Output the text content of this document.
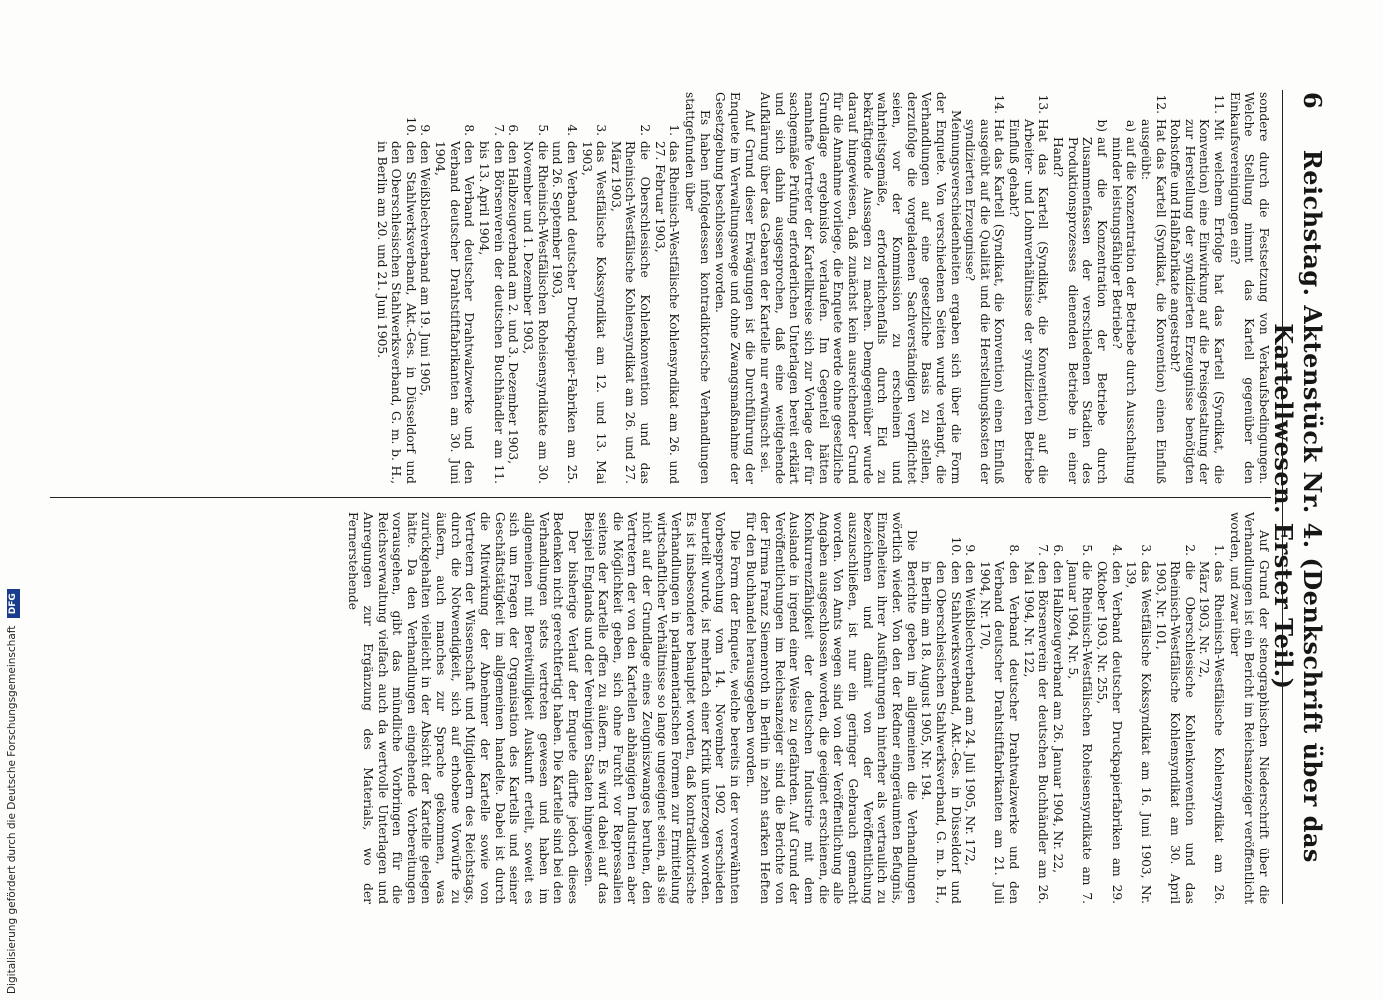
6
Reichstag. Aktenstück Nr. 4. (Denkschrift über das Kartellwesen. Erster Teil.)

sondere durch die Festsetzung von Verkaufsbedingungen. Welche Stellung nimmt das Kartell gegenüber den Einkaufsvereinigungen ein?

11.
Mit welchem Erfolge hat das Kartell (Syndikat, die Konvention) eine Einwirkung auf die Preisgestaltung der zur Herstellung der syndizierten Erzeugnisse benötigten Rohstoffe und Halbfabrikate angestrebt?
12.
Hat das Kartell (Syndikat, die Konvention) einen Einfluß ausgeübt:
a)
auf die Konzentration der Betriebe durch Ausschaltung minder leistungsfähiger Betriebe?
b)
auf die Konzentration der Betriebe durch Zusammenfassen der verschiedenen Stadien des Produktionsprozesses dienenden Betriebe in einer Hand?
13.
Hat das Kartell (Syndikat, die Konvention) auf die Arbeiter- und Lohnverhältnisse der syndizierten Betriebe Einfluß gehabt?
14.
Hat das Kartell (Syndikat, die Konvention) einen Einfluß ausgeübt auf die Qualität und die Herstellungskosten der syndizierten Erzeugnisse?

Meinungsverschiedenheiten ergaben sich über die Form der Enquete. Von verschiedenen Seiten wurde verlangt, die Verhandlungen auf eine gesetzliche Basis zu stellen, derzufolge die vorgeladenen Sachverständigen verpflichtet seien, vor der Kommission zu erscheinen und wahrheitsgemäße, erforderlichenfalls durch Eid zu bekräftigende Aussagen zu machen. Demgegenüber wurde darauf hingewiesen, daß zunächst kein ausreichender Grund für die Annahme vorliege, die Enquete werde ohne gesetzliche Grundlage ergebnislos verlaufen. Im Gegenteil hätten namhafte Vertreter der Kartellkreise sich zur Vorlage der für sachgemäße Prüfung erforderlichen Unterlagen bereit erklärt und sich dahin ausgesprochen, daß eine weitgehende Aufklärung über das Gebaren der Kartelle nur erwünscht sei.

Auf Grund dieser Erwägungen ist die Durchführung der Enquete im Verwaltungswege und ohne Zwangsmaßnahme der Gesetzgebung beschlossen worden.

Es haben infolgedessen kontradiktorische Verhandlungen stattgefunden über

1.
das Rheinisch-Westfälische Kohlensyndikat am 26. und 27. Februar 1903,
2.
die Oberschlesische Kohlenkonvention und das Rheinisch-Westfälische Kohlensyndikat am 26. und 27. März 1903,
3.
das Westfälische Kokssyndikat am 12. und 13. Mai 1903,
4.
den Verband deutscher Druckpapier-Fabriken am 25. und 26. September 1903,
5.
die Rheinisch-Westfälischen Roheisensyndikate am 30. November und 1. Dezember 1903,
6.
den Halbzeugverband am 2. und 3. Dezember 1903,
7.
den Börsenverein der deutschen Buchhändler am 11. bis 13. April 1904,
8.
den Verband deutscher Drahtwalzwerke und den Verband deutscher Drahtstiftfabrikanten am 30. Juni 1904,
9.
den Weißblechverband am 19. Juni 1905,
10.
den Stahlwerksverband, Akt.-Ges. in Düsseldorf und den Oberschlesischen Stahlwerksverband, G. m. b. H., in Berlin am 20. und 21. Juni 1905.

Auf Grund der stenographischen Niederschrift über die Verhandlungen ist ein Bericht im Reichsanzeiger veröffentlicht worden, und zwar über

1.
das Rheinisch-Westfälische Kohlensyndikat am 26. März 1903, Nr. 72,
2.
die Oberschlesische Kohlenkonvention und das Rheinisch-Westfälische Kohlensyndikat am 30. April 1903, Nr. 101,
3.
das Westfälische Kokssyndikat am 16. Juni 1903, Nr. 139,
4.
den Verband deutscher Druckpapierfabriken am 29. Oktober 1903, Nr. 255,
5.
die Rheinisch-Westfälischen Roheisensyndikate am 7. Januar 1904, Nr. 5,
6.
den Halbzeugverband am 26. Januar 1904, Nr. 22,
7.
den Börsenverein der deutschen Buchhändler am 26. Mai 1904, Nr. 122,
8.
den Verband deutscher Drahtwalzwerke und den Verband deutscher Drahtstiftfabrikanten am 21. Juli 1904, Nr. 170,
9.
den Weißblechverband am 24. Juli 1905, Nr. 172,
10.
den Stahlwerksverband, Akt.-Ges. in Düsseldorf und den Oberschlesischen Stahlwerksverband, G. m. b. H., in Berlin am 18. August 1905, Nr. 194.

Die Berichte geben im allgemeinen die Verhandlungen wörtlich wieder. Von den der Redner eingeräumten Befugnis, Einzelheiten ihrer Ausführungen hinterher als vertraulich zu bezeichnen und damit von der Veröffentlichung auszuschließen, ist nur ein geringer Gebrauch gemacht worden. Von Amts wegen sind von der Veröffentlichung alle Angaben ausgeschlossen worden, die geeignet erschienen, die Konkurrenzfähigkeit der deutschen Industrie mit dem Auslande in irgend einer Weise zu gefährden. Auf Grund der Veröffentlichungen im Reichsanzeiger sind die Berichte von der Firma Franz Siemenroth in Berlin in zehn starken Heften für den Buchhandel herausgegeben worden.

Die Form der Enquete, welche bereits in der vorerwähnten Vorbesprechung vom 14. November 1902 verschieden beurteilt wurde, ist mehrfach einer Kritik unterzogen worden. Es ist insbesondere behauptet worden, daß kontradiktorische Verhandlungen in parlamentarischen Formen zur Ermittelung wirtschaftlicher Verhältnisse so lange ungeeignet seien, als sie nicht auf der Grundlage eines Zeugniszwanges beruhen, den Vertretern der von den Kartellen abhängigen Industrien aber die Möglichkeit geben, sich ohne Furcht vor Repressalien seitens der Kartelle offen zu äußern. Es wird dabei auf das Beispiel Englands und der Vereinigten Staaten hingewiesen.

Der bisherige Verlauf der Enquete dürfte jedoch dieses Bedenken nicht gerechtfertigt haben. Die Kartelle sind bei den Verhandlungen stets vertreten gewesen und haben im allgemeinen mit Bereitwilligkeit Auskunft erteilt, soweit es sich um Fragen der Organisation des Kartells und seiner Geschäftstätigkeit im allgemeinen handelte. Dabei ist durch die Mitwirkung der Abnehmer der Kartelle sowie von Vertretern der Wissenschaft und Mitgliedern des Reichstags, durch die Notwendigkeit, sich auf erhobene Vorwürfe zu äußern, auch manches zur Sprache gekommen, was zurückgehalten vielleicht in der Absicht der Kartelle gelegen hätte. Da den Verhandlungen eingehende Vorbereitungen vorausgehen, gibt das mündliche Vorbringen für die Reichsverwaltung vielfach auch da wertvolle Unterlagen und Anregungen zur Ergänzung des Materials, wo der Fernerstehende

Digitalisierung gefördert durch die Deutsche Forschungsgemeinschaft DFG
